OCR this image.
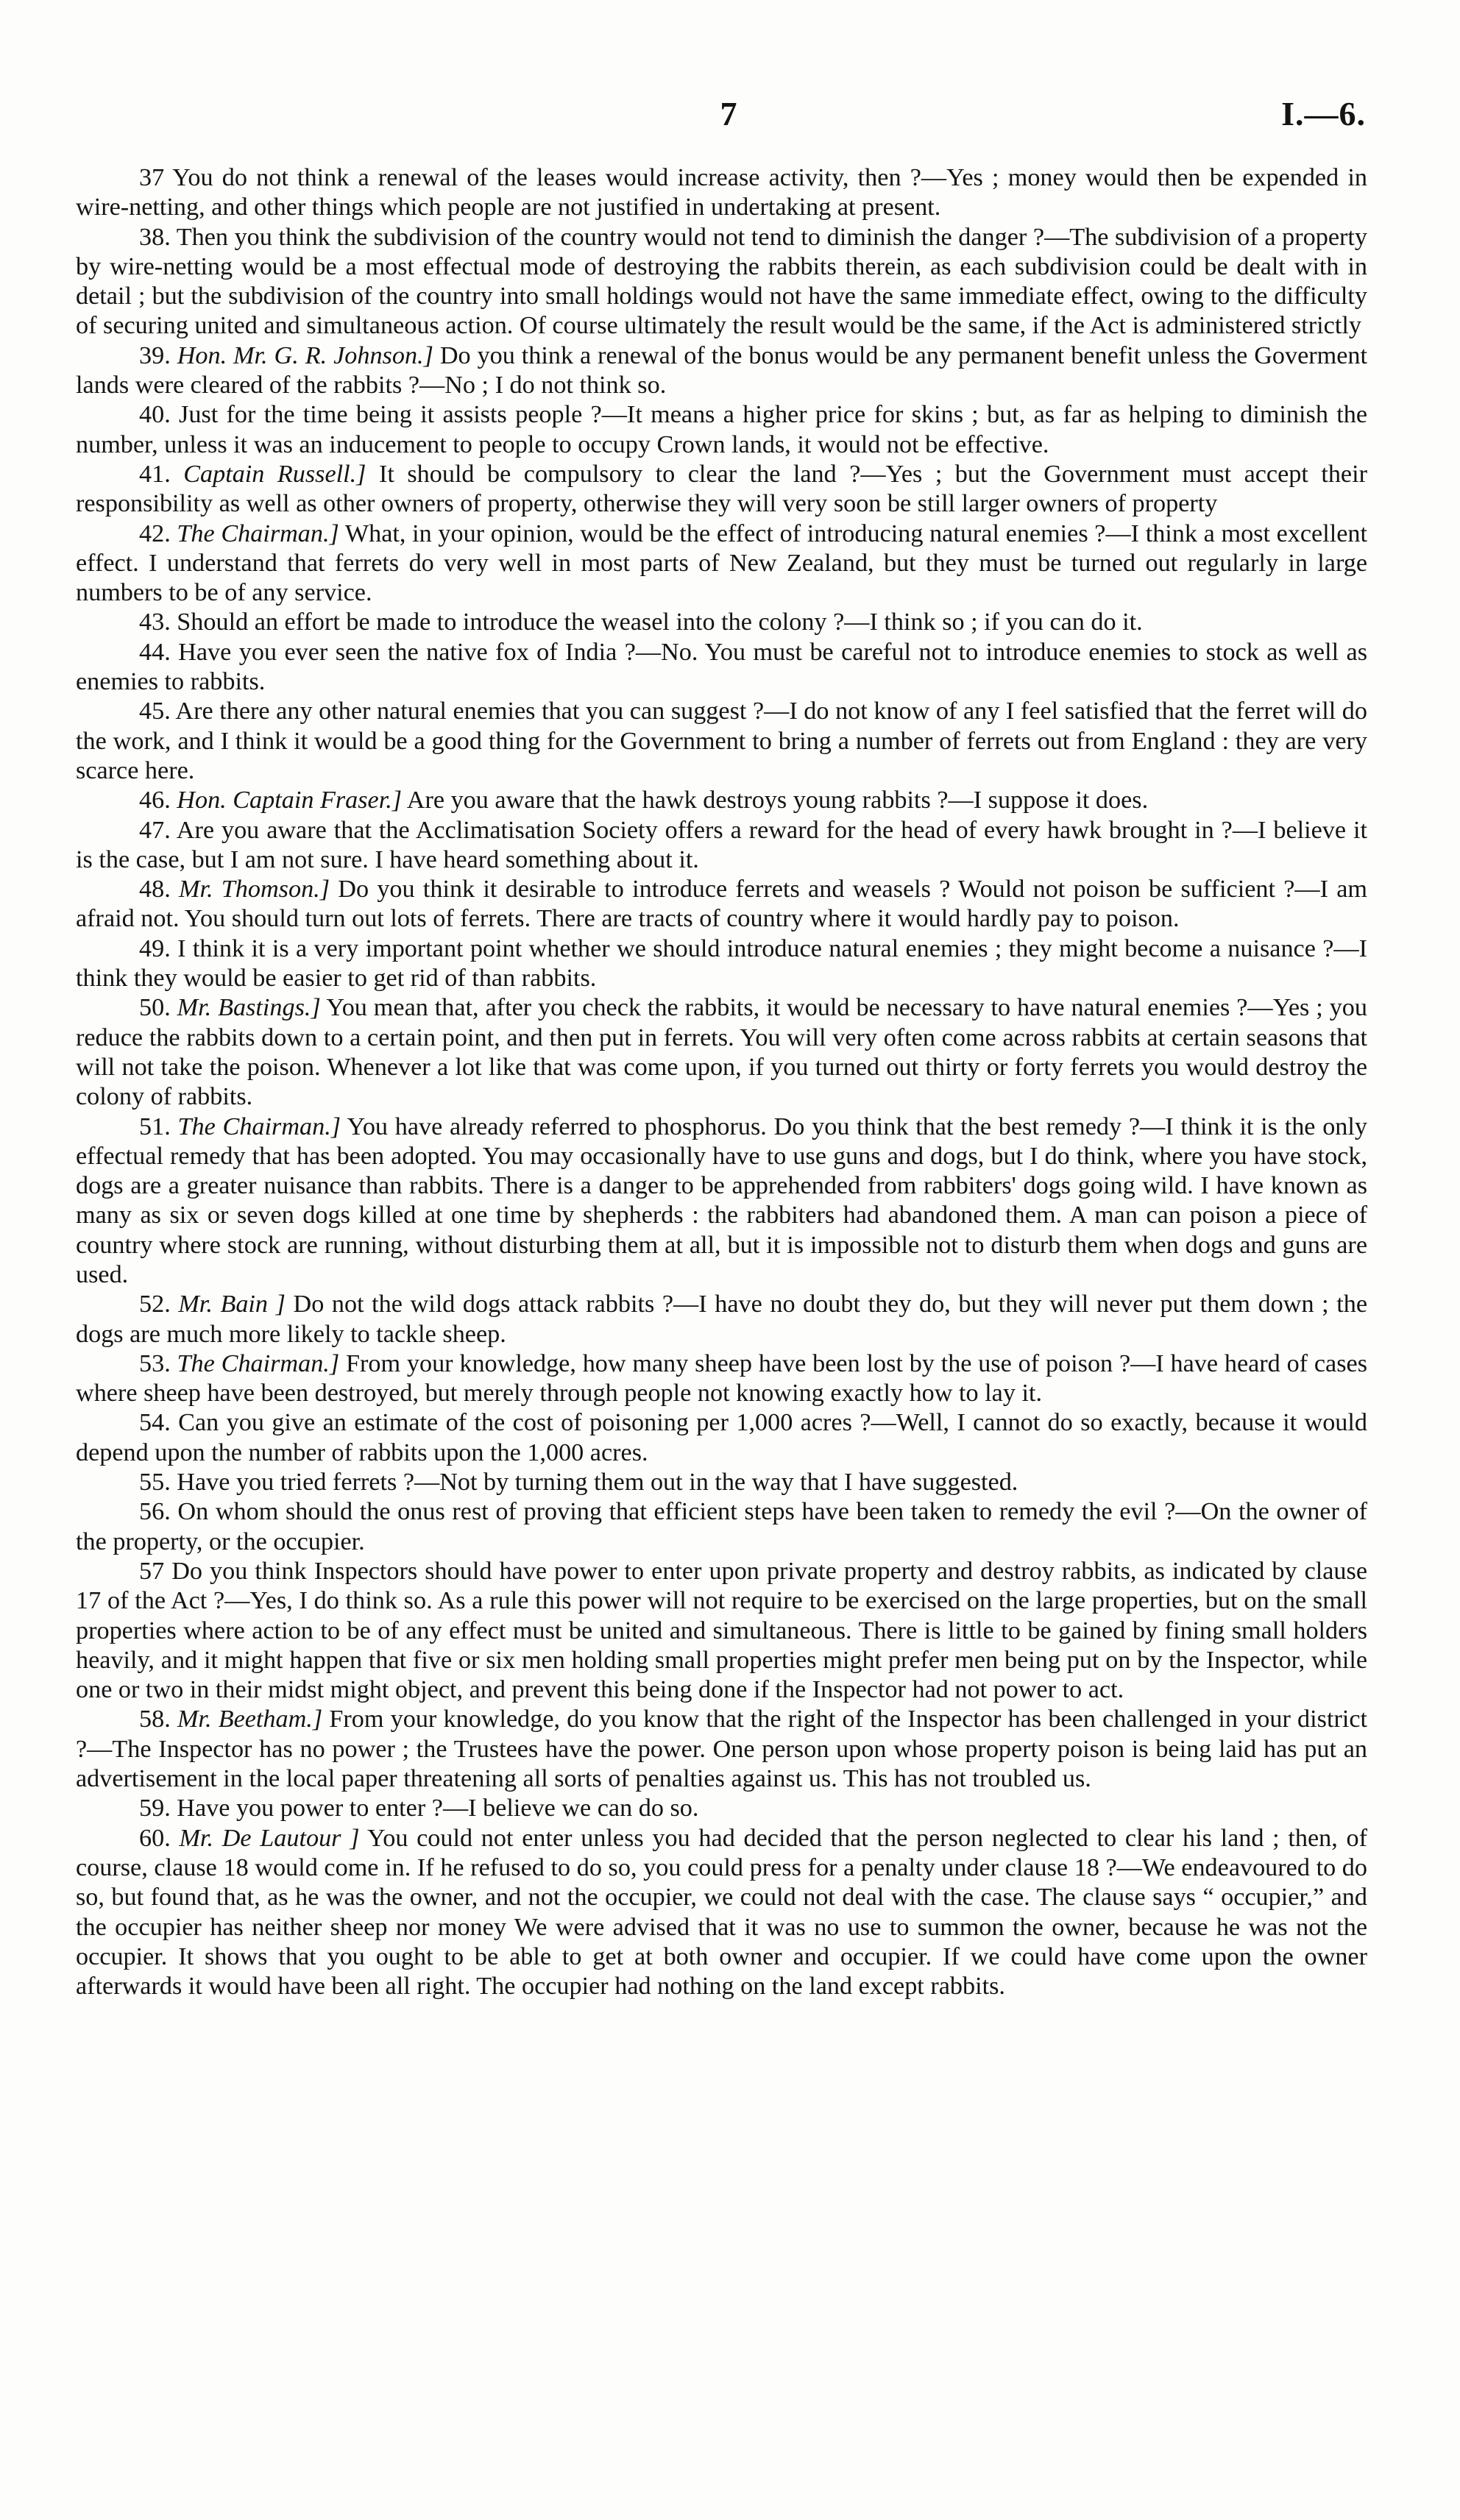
7	I.—6.

37 You do not think a renewal of the leases would increase activity, then ?—Yes ; money would then be expended in wire-netting, and other things which people are not justified in undertaking at present.

38. Then you think the subdivision of the country would not tend to diminish the danger ?—The subdivision of a property by wire-netting would be a most effectual mode of destroying the rabbits therein, as each subdivision could be dealt with in detail ; but the subdivision of the country into small holdings would not have the same immediate effect, owing to the difficulty of securing united and simultaneous action. Of course ultimately the result would be the same, if the Act is administered strictly

39. Hon. Mr. G. R. Johnson.] Do you think a renewal of the bonus would be any permanent benefit unless the Goverment lands were cleared of the rabbits ?—No ; I do not think so.

40. Just for the time being it assists people ?—It means a higher price for skins ; but, as far as helping to diminish the number, unless it was an inducement to people to occupy Crown lands, it would not be effective.

41. Captain Russell.] It should be compulsory to clear the land ?—Yes ; but the Government must accept their responsibility as well as other owners of property, otherwise they will very soon be still larger owners of property

42. The Chairman.] What, in your opinion, would be the effect of introducing natural enemies ?—I think a most excellent effect. I understand that ferrets do very well in most parts of New Zealand, but they must be turned out regularly in large numbers to be of any service.

43. Should an effort be made to introduce the weasel into the colony ?—I think so ; if you can do it.

44. Have you ever seen the native fox of India ?—No. You must be careful not to introduce enemies to stock as well as enemies to rabbits.

45. Are there any other natural enemies that you can suggest ?—I do not know of any I feel satisfied that the ferret will do the work, and I think it would be a good thing for the Government to bring a number of ferrets out from England : they are very scarce here.

46. Hon. Captain Fraser.] Are you aware that the hawk destroys young rabbits ?—I suppose it does.

47. Are you aware that the Acclimatisation Society offers a reward for the head of every hawk brought in ?—I believe it is the case, but I am not sure. I have heard something about it.

48. Mr. Thomson.] Do you think it desirable to introduce ferrets and weasels ? Would not poison be sufficient ?—I am afraid not. You should turn out lots of ferrets. There are tracts of country where it would hardly pay to poison.

49. I think it is a very important point whether we should introduce natural enemies ; they might become a nuisance ?—I think they would be easier to get rid of than rabbits.

50. Mr. Bastings.] You mean that, after you check the rabbits, it would be necessary to have natural enemies ?—Yes ; you reduce the rabbits down to a certain point, and then put in ferrets. You will very often come across rabbits at certain seasons that will not take the poison. Whenever a lot like that was come upon, if you turned out thirty or forty ferrets you would destroy the colony of rabbits.

51. The Chairman.] You have already referred to phosphorus. Do you think that the best remedy ?—I think it is the only effectual remedy that has been adopted. You may occasionally have to use guns and dogs, but I do think, where you have stock, dogs are a greater nuisance than rabbits. There is a danger to be apprehended from rabbiters' dogs going wild. I have known as many as six or seven dogs killed at one time by shepherds : the rabbiters had abandoned them. A man can poison a piece of country where stock are running, without disturbing them at all, but it is impossible not to disturb them when dogs and guns are used.

52. Mr. Bain ] Do not the wild dogs attack rabbits ?—I have no doubt they do, but they will never put them down ; the dogs are much more likely to tackle sheep.

53. The Chairman.] From your knowledge, how many sheep have been lost by the use of poison ?—I have heard of cases where sheep have been destroyed, but merely through people not knowing exactly how to lay it.

54. Can you give an estimate of the cost of poisoning per 1,000 acres ?—Well, I cannot do so exactly, because it would depend upon the number of rabbits upon the 1,000 acres.

55. Have you tried ferrets ?—Not by turning them out in the way that I have suggested.

56. On whom should the onus rest of proving that efficient steps have been taken to remedy the evil ?—On the owner of the property, or the occupier.

57 Do you think Inspectors should have power to enter upon private property and destroy rabbits, as indicated by clause 17 of the Act ?—Yes, I do think so. As a rule this power will not require to be exercised on the large properties, but on the small properties where action to be of any effect must be united and simultaneous. There is little to be gained by fining small holders heavily, and it might happen that five or six men holding small properties might prefer men being put on by the Inspector, while one or two in their midst might object, and prevent this being done if the Inspector had not power to act.

58. Mr. Beetham.] From your knowledge, do you know that the right of the Inspector has been challenged in your district ?—The Inspector has no power ; the Trustees have the power. One person upon whose property poison is being laid has put an advertisement in the local paper threatening all sorts of penalties against us. This has not troubled us.

59. Have you power to enter ?—I believe we can do so.

60. Mr. De Lautour ] You could not enter unless you had decided that the person neglected to clear his land ; then, of course, clause 18 would come in. If he refused to do so, you could press for a penalty under clause 18 ?—We endeavoured to do so, but found that, as he was the owner, and not the occupier, we could not deal with the case. The clause says “ occupier,” and the occupier has neither sheep nor money We were advised that it was no use to summon the owner, because he was not the occupier. It shows that you ought to be able to get at both owner and occupier. If we could have come upon the owner afterwards it would have been all right. The occupier had nothing on the land except rabbits.
